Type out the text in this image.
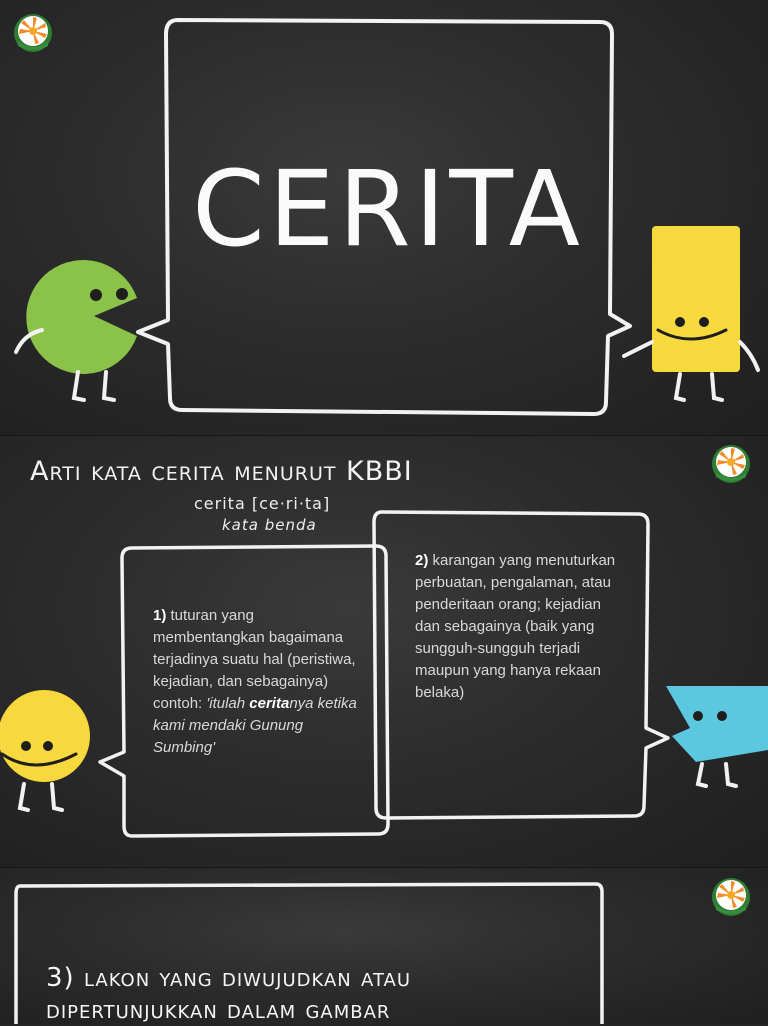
CERITA
Arti kata cerita menurut KBBI
cerita [ce·ri·ta]
kata benda
1) tuturan yang membentangkan bagaimana terjadinya suatu hal (peristiwa, kejadian, dan sebagainya)
contoh: 'itulah ceritanya ketika kami mendaki Gunung Sumbing'
2) karangan yang menuturkan perbuatan, pengalaman, atau penderitaan orang; kejadian dan sebagainya (baik yang sungguh-sungguh terjadi maupun yang hanya rekaan belaka)
3) lakon yang diwujudkan atau dipertunjukkan dalam gambar
